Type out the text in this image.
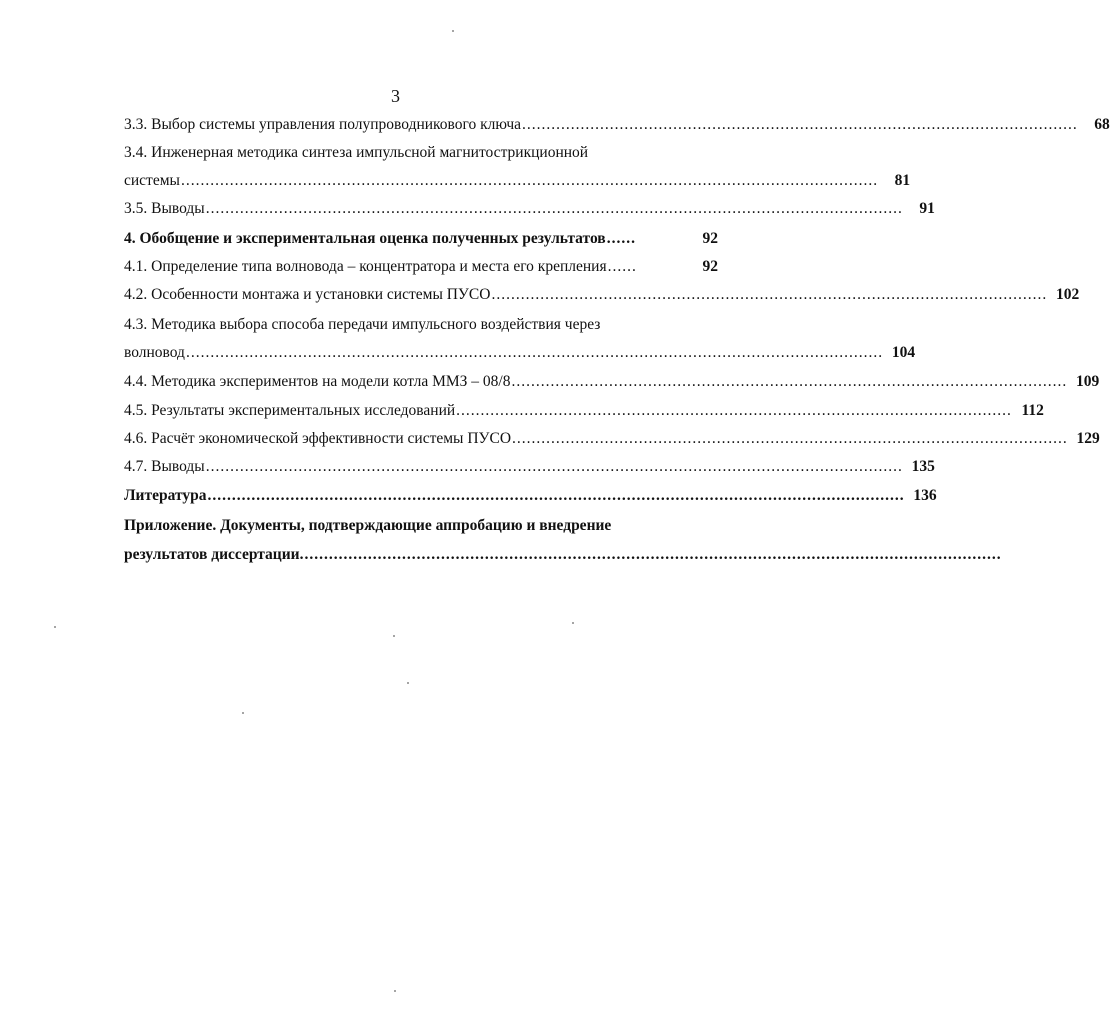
3
3.3. Выбор системы управления полупроводникового ключа ..................................................................................................................	68
3.4. Инженерная методика синтеза импульсной магнитострикционной
системы ...............................................................................................................................................	81
3.5. Выводы ...............................................................................................................................................	91
4. Обобщение и экспериментальная оценка полученных результатов ......	92
4.1. Определение типа волновода – концентратора и места его крепления ......	92
4.2. Особенности монтажа и установки системы ПУСО .................................................................................................................. 102
4.3. Методика выбора способа передачи импульсного воздействия через
волновод ............................................................................................................................................... 104
4.4. Методика экспериментов на модели котла ММЗ – 08/8 .................................................................................................................. 109
4.5. Результаты экспериментальных исследований .................................................................................................................. 112
4.6. Расчёт экономической эффективности системы ПУСО .................................................................................................................. 129
4.7. Выводы ............................................................................................................................................... 135
Литература ............................................................................................................................................... 136
Приложение. Документы, подтверждающие аппробацию и внедрение
результатов диссертации. ...............................................................................................................................................
